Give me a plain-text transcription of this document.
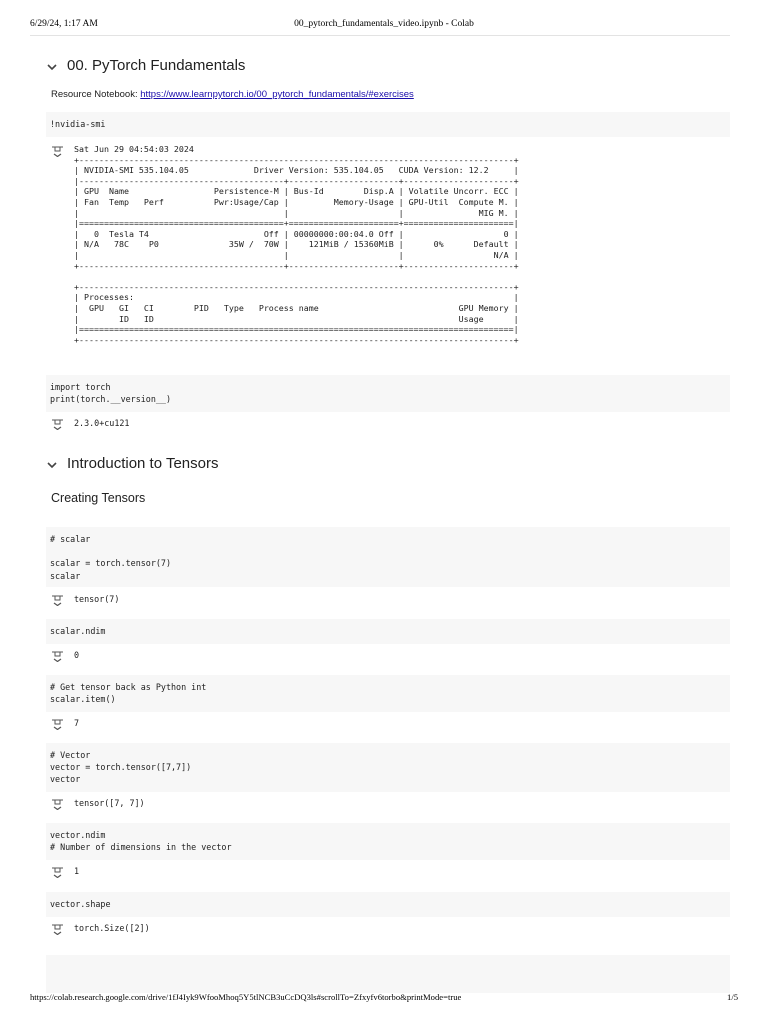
6/29/24, 1:17 AM	00_pytorch_fundamentals_video.ipynb - Colab
00. PyTorch Fundamentals
Resource Notebook: https://www.learnpytorch.io/00_pytorch_fundamentals/#exercises
!nvidia-smi
Sat Jun 29 04:54:03 2024
+---------------------------------------------------------------------------------------+
| NVIDIA-SMI 535.104.05             Driver Version: 535.104.05   CUDA Version: 12.2     |
|-----------------------------------------+----------------------+----------------------+
| GPU  Name                 Persistence-M | Bus-Id        Disp.A | Volatile Uncorr. ECC |
| Fan  Temp   Perf          Pwr:Usage/Cap |         Memory-Usage | GPU-Util  Compute M. |
|                                         |                      |               MIG M. |
|=========================================+======================+======================|
|   0  Tesla T4                       Off | 00000000:00:04.0 Off |                    0 |
| N/A   78C    P0              35W /  70W |    121MiB / 15360MiB |      0%      Default |
|                                         |                      |                  N/A |
+-----------------------------------------+----------------------+----------------------+

+---------------------------------------------------------------------------------------+
| Processes:                                                                            |
|  GPU   GI   CI        PID   Type   Process name                            GPU Memory |
|        ID   ID                                                             Usage      |
|=======================================================================================|
+---------------------------------------------------------------------------------------+
import torch
print(torch.__version__)
2.3.0+cu121
Introduction to Tensors
Creating Tensors
# scalar

scalar = torch.tensor(7)
scalar
tensor(7)
scalar.ndim
0
# Get tensor back as Python int
scalar.item()
7
# Vector
vector = torch.tensor([7,7])
vector
tensor([7, 7])
vector.ndim
# Number of dimensions in the vector
1
vector.shape
torch.Size([2])
https://colab.research.google.com/drive/1fJ4Iyk9WfooMhoq5Y5tlNCB3uCcDQ3ls#scrollTo=Zfxyfv6torbo&printMode=true	1/5
